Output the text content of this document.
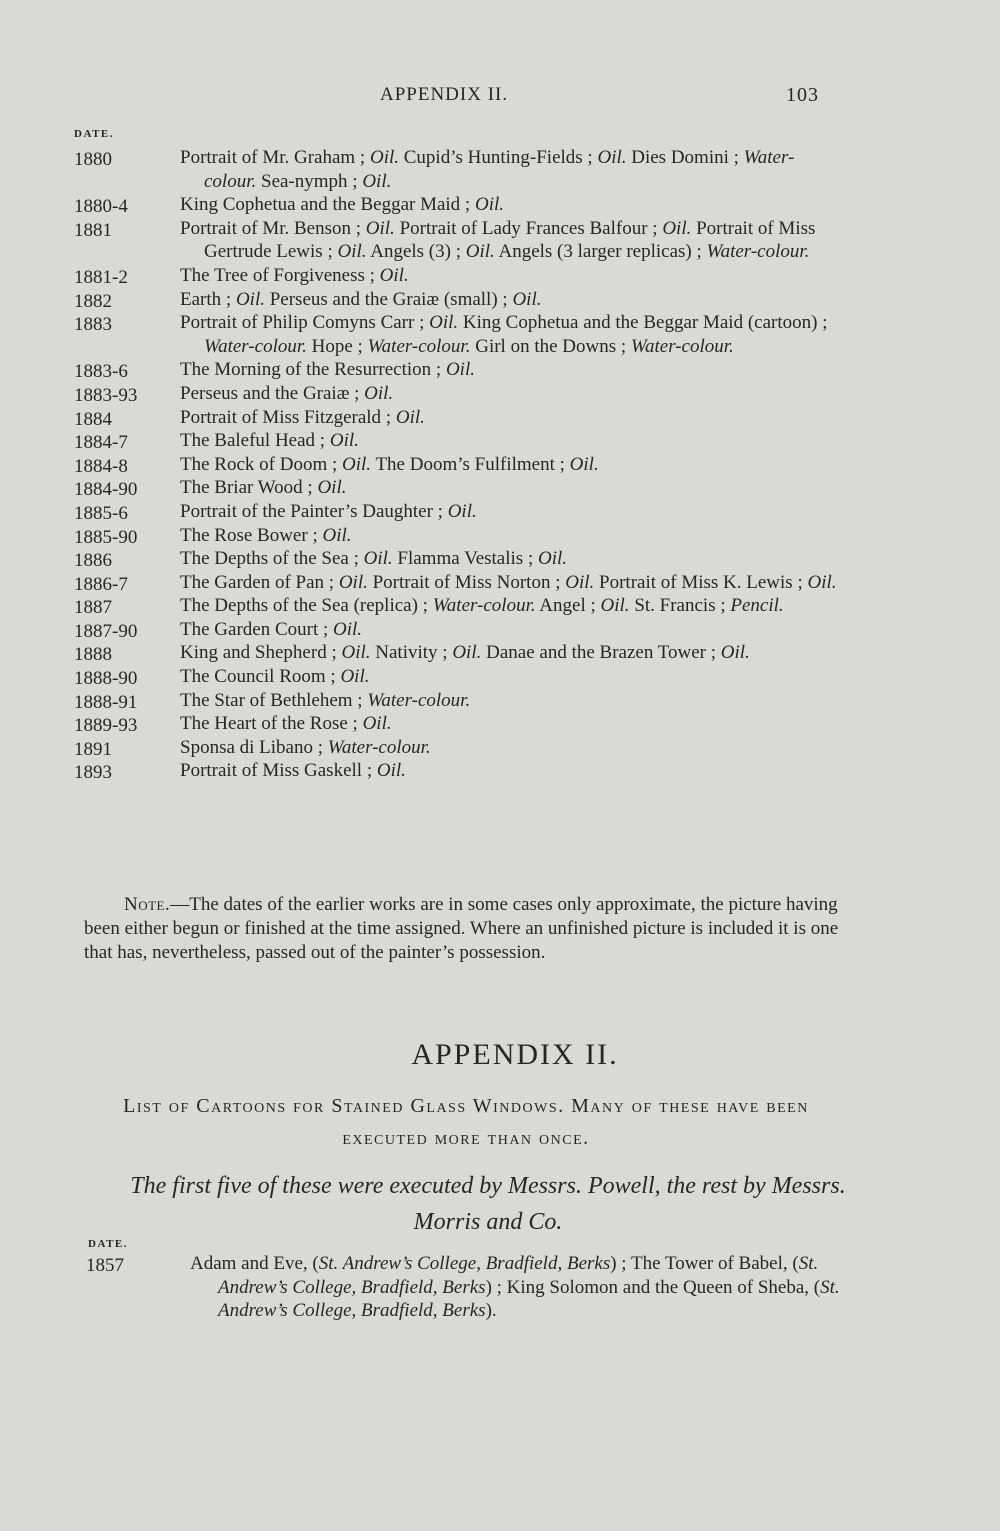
APPENDIX II.	103
DATE.
1880	Portrait of Mr. Graham ; Oil. Cupid’s Hunting-Fields ; Oil. Dies Domini ; Water-colour. Sea-nymph ; Oil.
1880-4	King Cophetua and the Beggar Maid ; Oil.
1881	Portrait of Mr. Benson ; Oil. Portrait of Lady Frances Balfour ; Oil. Portrait of Miss Gertrude Lewis ; Oil. Angels (3) ; Oil. Angels (3 larger replicas) ; Water-colour.
1881-2	The Tree of Forgiveness ; Oil.
1882	Earth ; Oil. Perseus and the Graiæ (small) ; Oil.
1883	Portrait of Philip Comyns Carr ; Oil. King Cophetua and the Beggar Maid (cartoon) ; Water-colour. Hope ; Water-colour. Girl on the Downs ; Water-colour.
1883-6	The Morning of the Resurrection ; Oil.
1883-93	Perseus and the Graiæ ; Oil.
1884	Portrait of Miss Fitzgerald ; Oil.
1884-7	The Baleful Head ; Oil.
1884-8	The Rock of Doom ; Oil. The Doom’s Fulfilment ; Oil.
1884-90	The Briar Wood ; Oil.
1885-6	Portrait of the Painter’s Daughter ; Oil.
1885-90	The Rose Bower ; Oil.
1886	The Depths of the Sea ; Oil. Flamma Vestalis ; Oil.
1886-7	The Garden of Pan ; Oil. Portrait of Miss Norton ; Oil. Portrait of Miss K. Lewis ; Oil.
1887	The Depths of the Sea (replica) ; Water-colour. Angel ; Oil. St. Francis ; Pencil.
1887-90	The Garden Court ; Oil.
1888	King and Shepherd ; Oil. Nativity ; Oil. Danae and the Brazen Tower ; Oil.
1888-90	The Council Room ; Oil.
1888-91	The Star of Bethlehem ; Water-colour.
1889-93	The Heart of the Rose ; Oil.
1891	Sponsa di Libano ; Water-colour.
1893	Portrait of Miss Gaskell ; Oil.

Note.—The dates of the earlier works are in some cases only approximate, the picture having been either begun or finished at the time assigned. Where an unfinished picture is included it is one that has, nevertheless, passed out of the painter’s possession.

APPENDIX II.
List of Cartoons for Stained Glass Windows. Many of these have been executed more than once.
The first five of these were executed by Messrs. Powell, the rest by Messrs. Morris and Co.
DATE.
1857	Adam and Eve, (St. Andrew’s College, Bradfield, Berks) ; The Tower of Babel, (St. Andrew’s College, Bradfield, Berks) ; King Solomon and the Queen of Sheba, (St. Andrew’s College, Bradfield, Berks).
